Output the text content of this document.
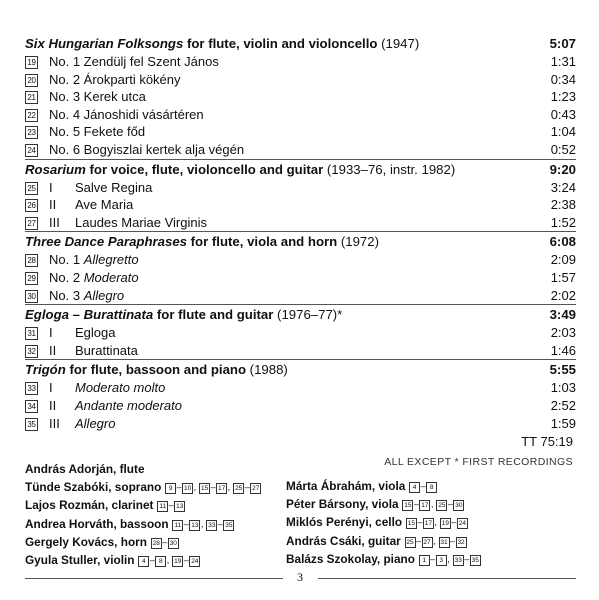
Six Hungarian Folksongs for flute, violin and violoncello (1947)	5:07
19 No. 1 Zendülj fel Szent János	1:31
20 No. 2 Árokparti kökény	0:34
21 No. 3 Kerek utca	1:23
22 No. 4 Jánoshidi vásártéren	0:43
23 No. 5 Fekete főd	1:04
24 No. 6 Bogyiszlai kertek alja végén	0:52
Rosarium for voice, flute, violoncello and guitar (1933–76, instr. 1982)	9:20
25 I Salve Regina	3:24
26 II Ave Maria	2:38
27 III Laudes Mariae Virginis	1:52
Three Dance Paraphrases for flute, viola and horn (1972)	6:08
28 No. 1 Allegretto	2:09
29 No. 2 Moderato	1:57
30 No. 3 Allegro	2:02
Egloga – Burattinata for flute and guitar (1976–77)*	3:49
31 I Egloga	2:03
32 II Burattinata	1:46
Trigón for flute, bassoon and piano (1988)	5:55
33 I Moderato molto	1:03
34 II Andante moderato	2:52
35 III Allegro	1:59
TT 75:19
ALL EXCEPT * FIRST RECORDINGS
András Adorján, flute
Tünde Szabóki, soprano 9 – 10 , 15 – 17 , 25 – 27
Lajos Rozmán, clarinet 11 – 13
Andrea Horváth, bassoon 11 – 13 , 33 – 35
Gergely Kovács, horn 28 – 30
Gyula Stuller, violin 4 – 8 , 19 – 24
Márta Ábrahám, viola 4 – 8
Péter Bársony, viola 15 – 17 , 25 – 30
Miklós Perényi, cello 15 – 17 , 19 – 24
András Csáki, guitar 25 – 27 , 31 – 32
Balázs Szokolay, piano 1 – 3 , 33 – 35
3
